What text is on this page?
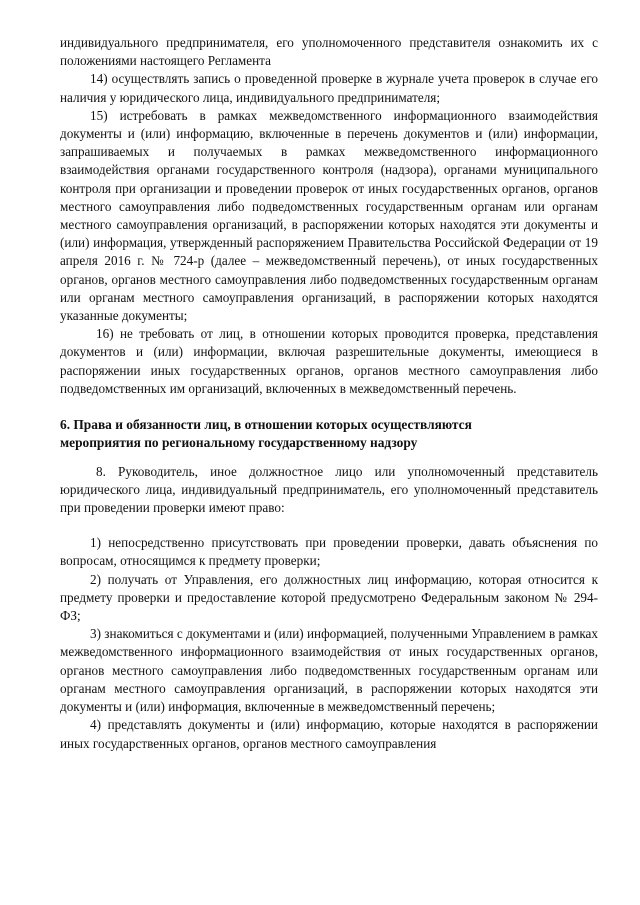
индивидуального предпринимателя, его уполномоченного представителя ознакомить их с положениями настоящего Регламента

14) осуществлять запись о проведенной проверке в журнале учета проверок в случае его наличия у юридического лица, индивидуального предпринимателя;

15) истребовать в рамках межведомственного информационного взаимодействия документы и (или) информацию, включенные в перечень документов и (или) информации, запрашиваемых и получаемых в рамках межведомственного информационного взаимодействия органами государственного контроля (надзора), органами муниципального контроля при организации и проведении проверок от иных государственных органов, органов местного самоуправления либо подведомственных государственным органам или органам местного самоуправления организаций, в распоряжении которых находятся эти документы и (или) информация, утвержденный распоряжением Правительства Российской Федерации от 19 апреля 2016 г. № 724-р (далее – межведомственный перечень), от иных государственных органов, органов местного самоуправления либо подведомственных государственным органам или органам местного самоуправления организаций, в распоряжении которых находятся указанные документы;

16) не требовать от лиц, в отношении которых проводится проверка, представления документов и (или) информации, включая разрешительные документы, имеющиеся в распоряжении иных государственных органов, органов местного самоуправления либо подведомственных им организаций, включенных в межведомственный перечень.

6. Права и обязанности лиц, в отношении которых осуществляются

мероприятия по региональному государственному надзору

8. Руководитель, иное должностное лицо или уполномоченный представитель юридического лица, индивидуальный предприниматель, его уполномоченный представитель при проведении проверки имеют право:

1) непосредственно присутствовать при проведении проверки, давать объяснения по вопросам, относящимся к предмету проверки;

2) получать от Управления, его должностных лиц информацию, которая относится к предмету проверки и предоставление которой предусмотрено Федеральным законом № 294-ФЗ;

3) знакомиться с документами и (или) информацией, полученными Управлением в рамках межведомственного информационного взаимодействия от иных государственных органов, органов местного самоуправления либо подведомственных государственным органам или органам местного самоуправления организаций, в распоряжении которых находятся эти документы и (или) информация, включенные в межведомственный перечень;

4) представлять документы и (или) информацию, которые находятся в распоряжении иных государственных органов, органов местного самоуправления
